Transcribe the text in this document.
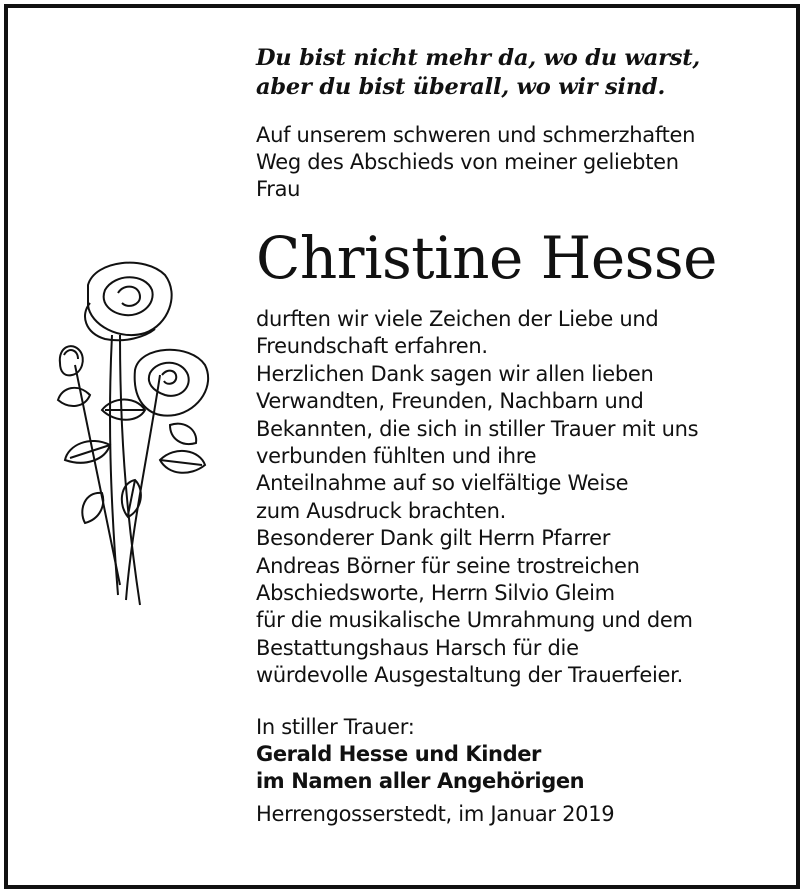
Du bist nicht mehr da, wo du warst,
aber du bist überall, wo wir sind.

Auf unserem schweren und schmerzhaften

Weg des Abschieds von meiner geliebten

Frau

Christine Hesse

durften wir viele Zeichen der Liebe und

Freundschaft erfahren.

Herzlichen Dank sagen wir allen lieben

Verwandten, Freunden, Nachbarn und

Bekannten, die sich in stiller Trauer mit uns

verbunden fühlten und ihre

Anteilnahme auf so vielfältige Weise

zum Ausdruck brachten.

Besonderer Dank gilt Herrn Pfarrer

Andreas Börner für seine trostreichen

Abschiedsworte, Herrn Silvio Gleim

für die musikalische Umrahmung und dem

Bestattungshaus Harsch für die

würdevolle Ausgestaltung der Trauerfeier.

In stiller Trauer:
Gerald Hesse und Kinder
im Namen aller Angehörigen
Herrengosserstedt, im Januar 2019
